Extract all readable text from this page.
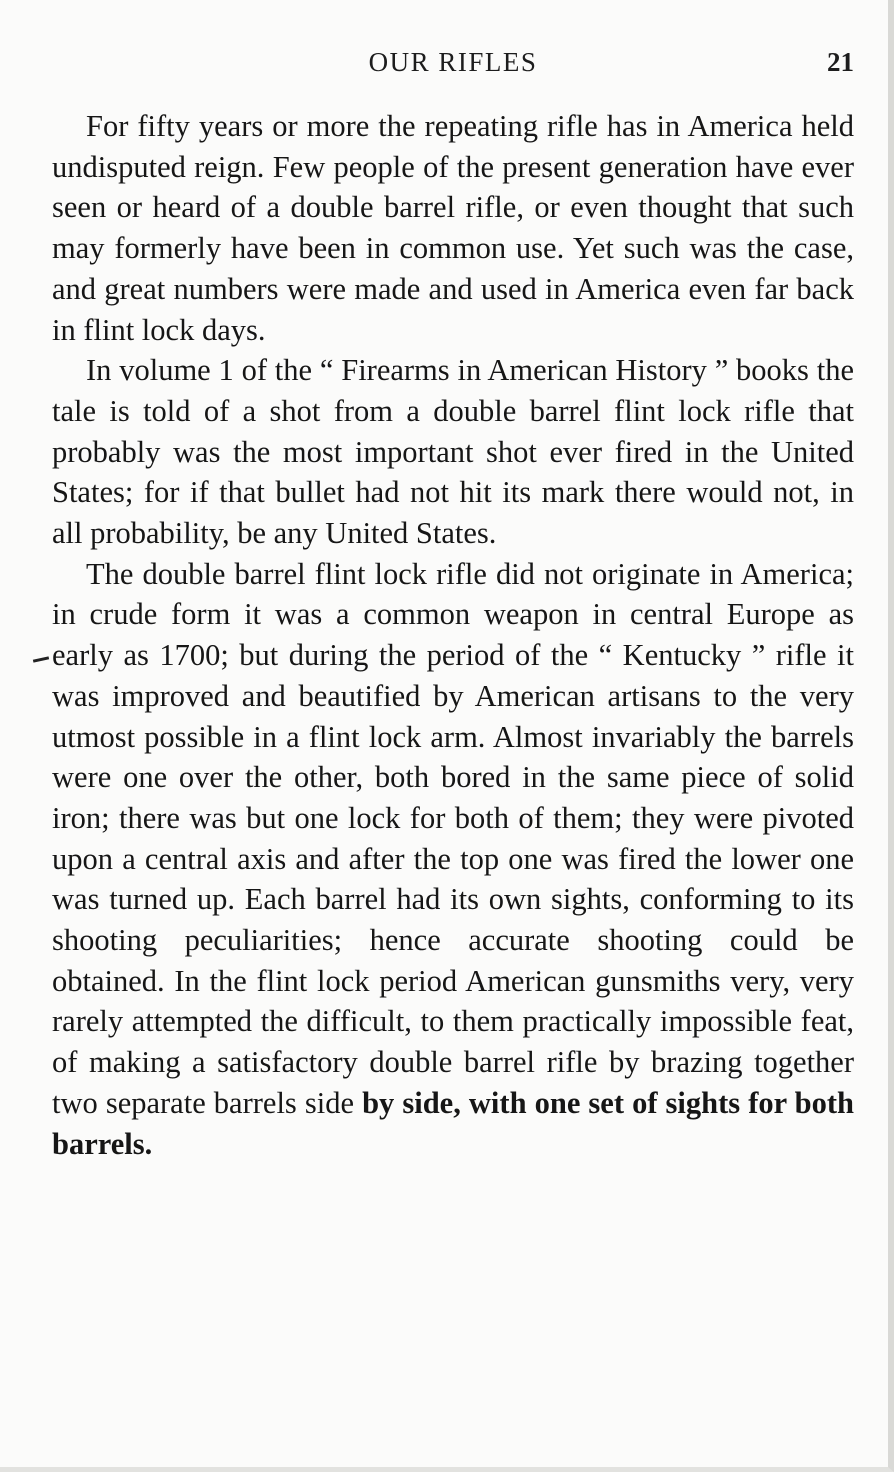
OUR RIFLES	21

For fifty years or more the repeating rifle has in America held undisputed reign. Few people of the present generation have ever seen or heard of a double barrel rifle, or even thought that such may formerly have been in common use. Yet such was the case, and great numbers were made and used in America even far back in flint lock days.

In volume 1 of the “ Firearms in American History ” books the tale is told of a shot from a double barrel flint lock rifle that probably was the most important shot ever fired in the United States; for if that bullet had not hit its mark there would not, in all probability, be any United States.

The double barrel flint lock rifle did not originate in America; in crude form it was a common weapon in central Europe as early as 1700; but during the period of the “ Kentucky ” rifle it was improved and beautified by American artisans to the very utmost possible in a flint lock arm. Almost invariably the barrels were one over the other, both bored in the same piece of solid iron; there was but one lock for both of them; they were pivoted upon a central axis and after the top one was fired the lower one was turned up. Each barrel had its own sights, conforming to its shooting peculiarities; hence accurate shooting could be obtained. In the flint lock period American gunsmiths very, very rarely attempted the difficult, to them practically impossible feat, of making a satisfactory double barrel rifle by brazing together two separate barrels side by side, with one set of sights for both barrels.
